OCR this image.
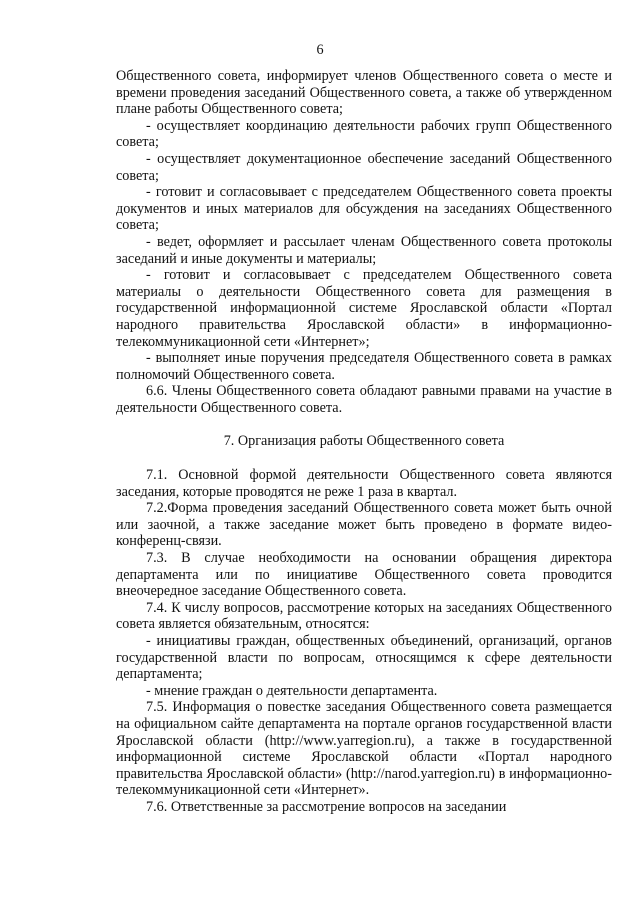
6

Общественного совета, информирует членов Общественного совета о месте и времени проведения заседаний Общественного совета, а также об утвержденном плане работы Общественного совета;

- осуществляет координацию деятельности рабочих групп Общественного совета;

- осуществляет документационное обеспечение заседаний Общественного совета;

- готовит и согласовывает с председателем Общественного совета проекты документов и иных материалов для обсуждения на заседаниях Общественного совета;

- ведет, оформляет и рассылает членам Общественного совета протоколы заседаний и иные документы и материалы;

- готовит и согласовывает с председателем Общественного совета материалы о деятельности Общественного совета для размещения в государственной информационной системе Ярославской области «Портал народного правительства Ярославской области» в информационно-телекоммуникационной сети «Интернет»;

- выполняет иные поручения председателя Общественного совета в рамках полномочий Общественного совета.

6.6. Члены Общественного совета обладают равными правами на участие в деятельности Общественного совета.

7. Организация работы Общественного совета

7.1. Основной формой деятельности Общественного совета являются заседания, которые проводятся не реже 1 раза в квартал.

7.2.Форма проведения заседаний Общественного совета может быть очной или заочной, а также заседание может быть проведено в формате видео-конференц-связи.

7.3. В случае необходимости на основании обращения директора департамента или по инициативе Общественного совета проводится внеочередное заседание Общественного совета.

7.4. К числу вопросов, рассмотрение которых на заседаниях Общественного совета является обязательным, относятся:

- инициативы граждан, общественных объединений, организаций, органов государственной власти по вопросам, относящимся к сфере деятельности департамента;

- мнение граждан о деятельности департамента.

7.5. Информация о повестке заседания Общественного совета размещается на официальном сайте департамента на портале органов государственной власти Ярославской области (http://www.yarregion.ru), а также в государственной информационной системе Ярославской области «Портал народного правительства Ярославской области» (http://narod.yarregion.ru) в информационно-телекоммуникационной сети «Интернет».

7.6. Ответственные за рассмотрение вопросов на заседании
